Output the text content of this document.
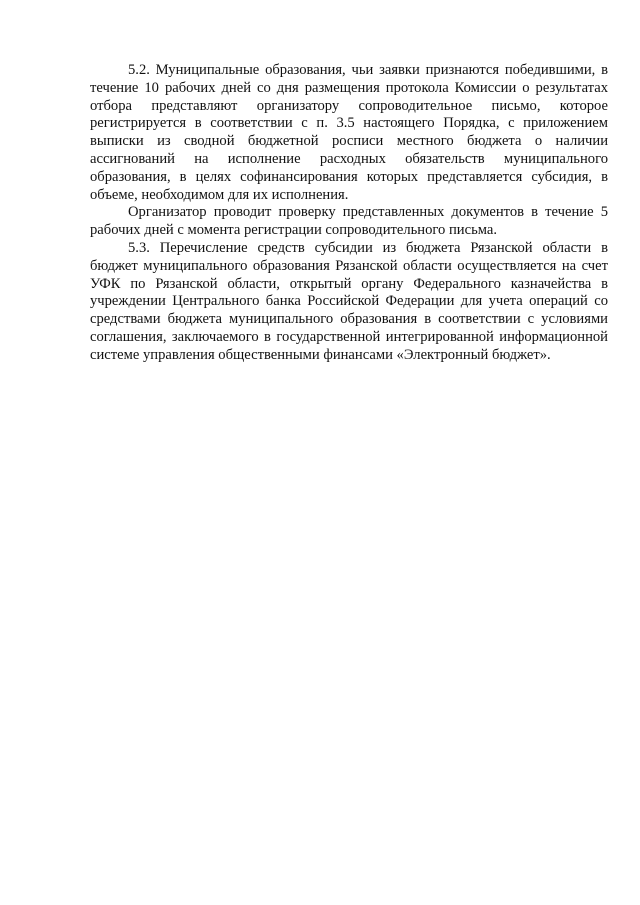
5.2. Муниципальные образования, чьи заявки признаются победившими, в течение 10 рабочих дней со дня размещения протокола Комиссии о результатах отбора представляют организатору сопроводительное письмо, которое регистрируется в соответствии с п. 3.5 настоящего Порядка, с приложением выписки из сводной бюджетной росписи местного бюджета о наличии ассигнований на исполнение расходных обязательств муниципального образования, в целях софинансирования которых представляется субсидия, в объеме, необходимом для их исполнения.

Организатор проводит проверку представленных документов в течение 5 рабочих дней с момента регистрации сопроводительного письма.

5.3. Перечисление средств субсидии из бюджета Рязанской области в бюджет муниципального образования Рязанской области осуществляется на счет УФК по Рязанской области, открытый органу Федерального казначейства в учреждении Центрального банка Российской Федерации для учета операций со средствами бюджета муниципального образования в соответствии с условиями соглашения, заключаемого в государственной интегрированной информационной системе управления общественными финансами «Электронный бюджет».
